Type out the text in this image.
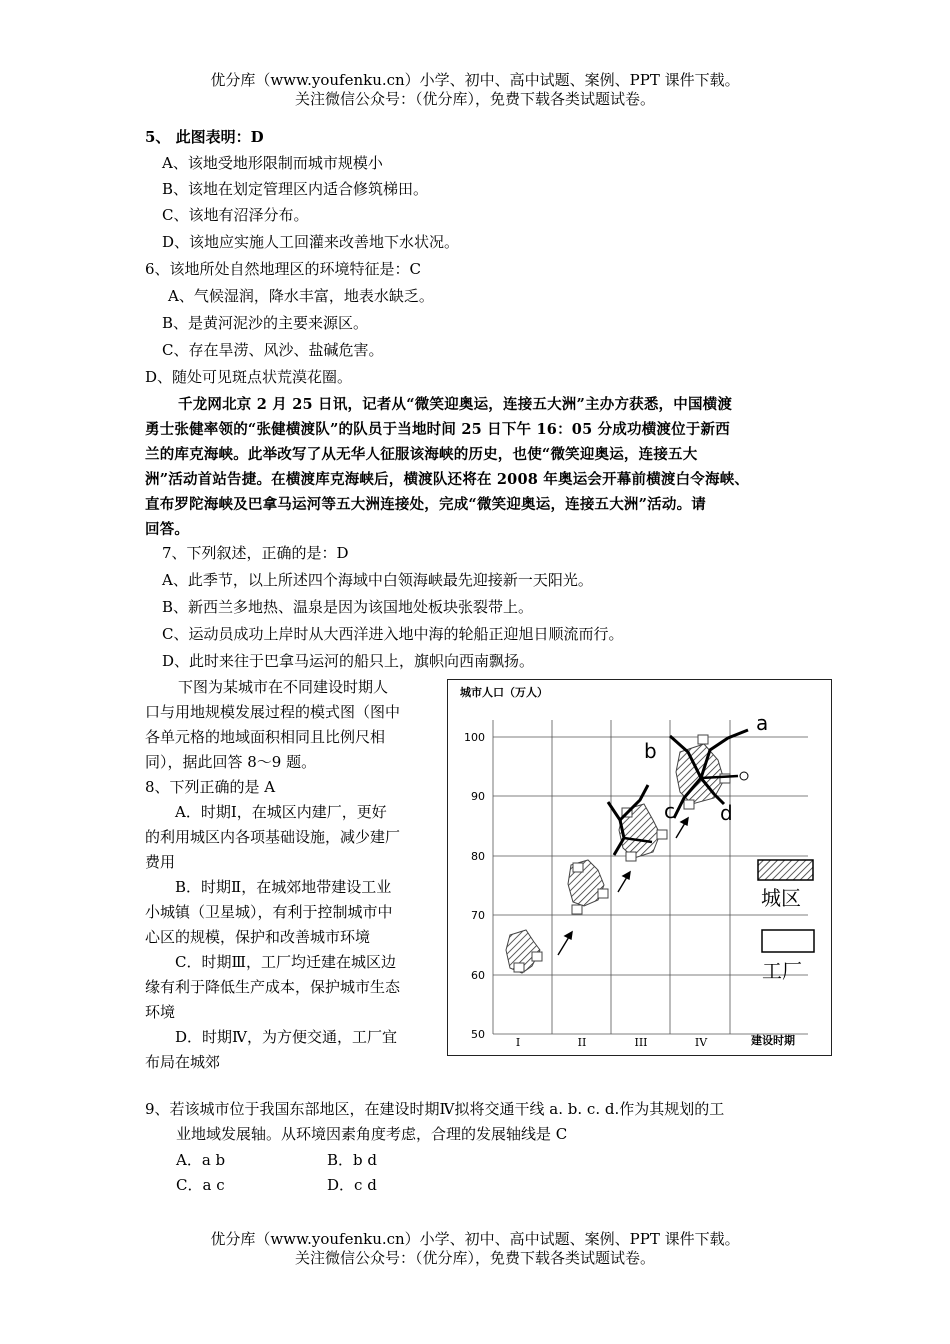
优分库（www.youfenku.cn）小学、初中、高中试题、案例、PPT 课件下载。
关注微信公众号：（优分库），免费下载各类试题试卷。
5、 此图表明：D
A、该地受地形限制而城市规模小
B、该地在划定管理区内适合修筑梯田。
C、该地有沼泽分布。
D、该地应实施人工回灌来改善地下水状况。
6、该地所处自然地理区的环境特征是：C
A、气候湿润，降水丰富，地表水缺乏。
B、是黄河泥沙的主要来源区。
C、存在旱涝、风沙、盐碱危害。
D、随处可见斑点状荒漠花圈。
千龙网北京 2 月 25 日讯，记者从“微笑迎奥运，连接五大洲”主办方获悉，中国横渡
勇士张健率领的“张健横渡队”的队员于当地时间 25 日下午 16：05 分成功横渡位于新西
兰的库克海峡。此举改写了从无华人征服该海峡的历史，也使“微笑迎奥运，连接五大
洲”活动首站告捷。在横渡库克海峡后，横渡队还将在 2008 年奥运会开幕前横渡白令海峡、
直布罗陀海峡及巴拿马运河等五大洲连接处，完成“微笑迎奥运，连接五大洲”活动。请
回答。
7、下列叙述，正确的是：D
A、此季节，以上所述四个海域中白领海峡最先迎接新一天阳光。
B、新西兰多地热、温泉是因为该国地处板块张裂带上。
C、运动员成功上岸时从大西洋进入地中海的轮船正迎旭日顺流而行。
D、此时来往于巴拿马运河的船只上，旗帜向西南飘扬。
下图为某城市在不同建设时期人
口与用地规模发展过程的模式图（图中
各单元格的地域面积相同且比例尺相
同），据此回答 8～9 题。
8、下列正确的是 A
A．时期Ⅰ，在城区内建厂，更好
的利用城区内各项基础设施，减少建厂
费用
B．时期Ⅱ，在城郊地带建设工业
小城镇（卫星城），有利于控制城市中
心区的规模，保护和改善城市环境
C．时期Ⅲ，工厂均迁建在城区边
缘有利于降低生产成本，保护城市生态
环境
D．时期Ⅳ，为方便交通，工厂宜
布局在城郊
城市人口（万人）
100
90
80
70
60
50
I	II	III	IV	建设时期
a
b
c d
城区
工厂
9、若该城市位于我国东部地区，在建设时期Ⅳ拟将交通干线 a. b. c. d.作为其规划的工
业地域发展轴。从环境因素角度考虑，合理的发展轴线是 C
A．a b	B．b d
C．a c	D．c d
优分库（www.youfenku.cn）小学、初中、高中试题、案例、PPT 课件下载。
关注微信公众号：（优分库），免费下载各类试题试卷。
